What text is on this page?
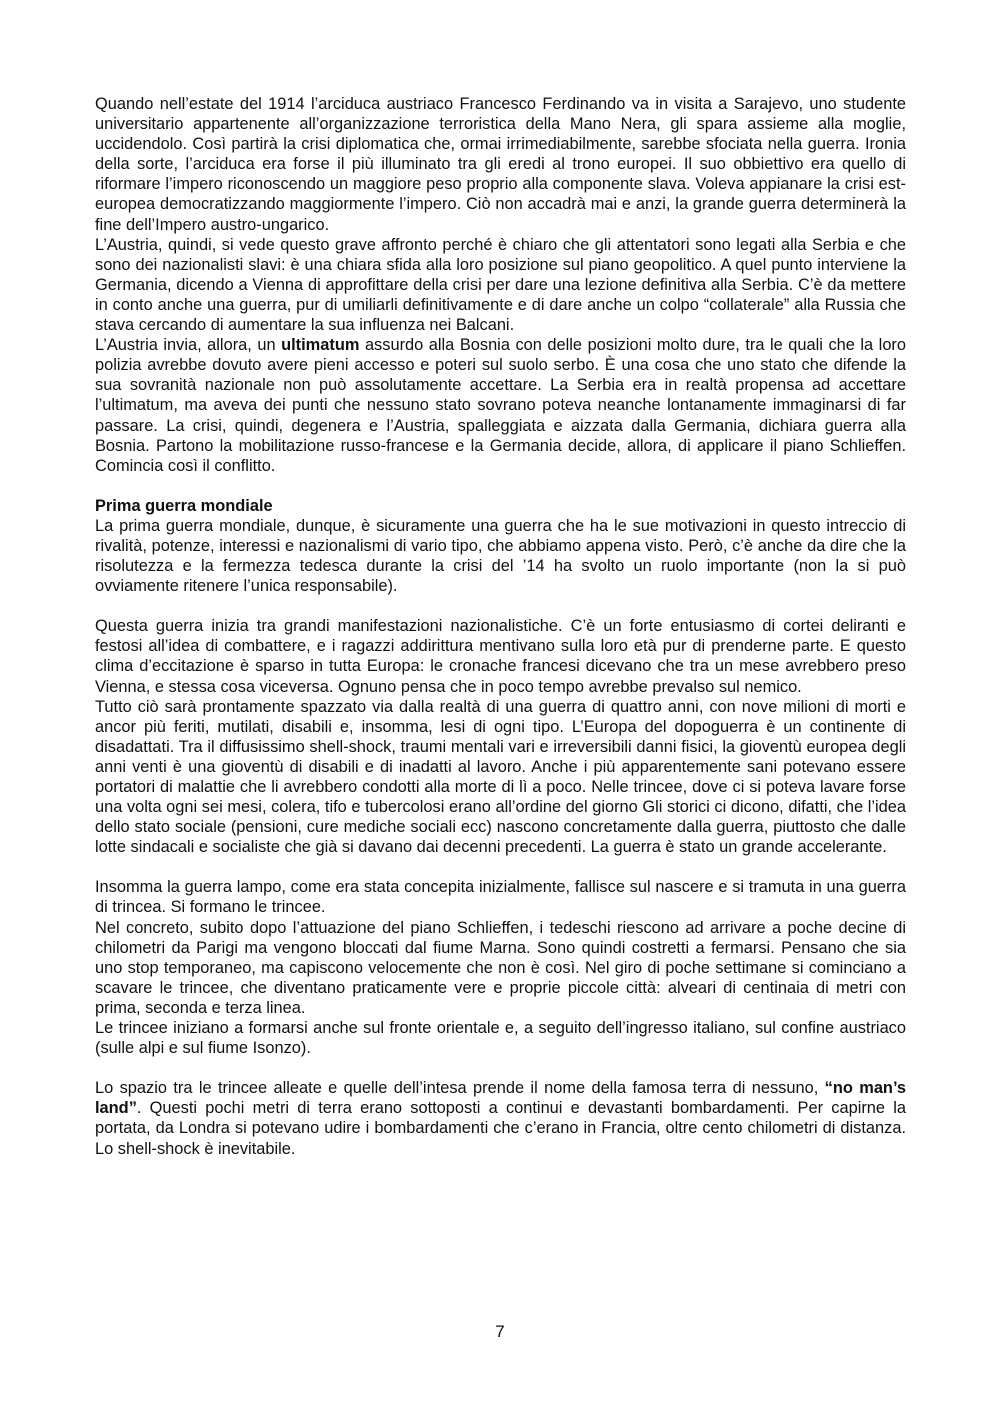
Quando nell’estate del 1914 l’arciduca austriaco Francesco Ferdinando va in visita a Sarajevo, uno studente universitario appartenente all’organizzazione terroristica della Mano Nera, gli spara assieme alla moglie, uccidendolo. Così partirà la crisi diplomatica che, ormai irrimediabilmente, sarebbe sfociata nella guerra. Ironia della sorte, l’arciduca era forse il più illuminato tra gli eredi al trono europei. Il suo obbiettivo era quello di riformare l’impero riconoscendo un maggiore peso proprio alla componente slava. Voleva appianare la crisi est-europea democratizzando maggiormente l’impero. Ciò non accadrà mai e anzi, la grande guerra determinerà la fine dell’Impero austro-ungarico.

L’Austria, quindi, si vede questo grave affronto perché è chiaro che gli attentatori sono legati alla Serbia e che sono dei nazionalisti slavi: è una chiara sfida alla loro posizione sul piano geopolitico. A quel punto interviene la Germania, dicendo a Vienna di approfittare della crisi per dare una lezione definitiva alla Serbia. C’è da mettere in conto anche una guerra, pur di umiliarli definitivamente e di dare anche un colpo “collaterale” alla Russia che stava cercando di aumentare la sua influenza nei Balcani.

L’Austria invia, allora, un ultimatum assurdo alla Bosnia con delle posizioni molto dure, tra le quali che la loro polizia avrebbe dovuto avere pieni accesso e poteri sul suolo serbo. È una cosa che uno stato che difende la sua sovranità nazionale non può assolutamente accettare. La Serbia era in realtà propensa ad accettare l’ultimatum, ma aveva dei punti che nessuno stato sovrano poteva neanche lontanamente immaginarsi di far passare. La crisi, quindi, degenera e l’Austria, spalleggiata e aizzata dalla Germania, dichiara guerra alla Bosnia. Partono la mobilitazione russo-francese e la Germania decide, allora, di applicare il piano Schlieffen. Comincia così il conflitto.

Prima guerra mondiale

La prima guerra mondiale, dunque, è sicuramente una guerra che ha le sue motivazioni in questo intreccio di rivalità, potenze, interessi e nazionalismi di vario tipo, che abbiamo appena visto. Però, c’è anche da dire che la risolutezza e la fermezza tedesca durante la crisi del ’14 ha svolto un ruolo importante (non la si può ovviamente ritenere l’unica responsabile).

Questa guerra inizia tra grandi manifestazioni nazionalistiche. C’è un forte entusiasmo di cortei deliranti e festosi all’idea di combattere, e i ragazzi addirittura mentivano sulla loro età pur di prenderne parte. E questo clima d’eccitazione è sparso in tutta Europa: le cronache francesi dicevano che tra un mese avrebbero preso Vienna, e stessa cosa viceversa. Ognuno pensa che in poco tempo avrebbe prevalso sul nemico.

Tutto ciò sarà prontamente spazzato via dalla realtà di una guerra di quattro anni, con nove milioni di morti e ancor più feriti, mutilati, disabili e, insomma, lesi di ogni tipo. L’Europa del dopoguerra è un continente di disadattati. Tra il diffusissimo shell-shock, traumi mentali vari e irreversibili danni fisici, la gioventù europea degli anni venti è una gioventù di disabili e di inadatti al lavoro. Anche i più apparentemente sani potevano essere portatori di malattie che li avrebbero condotti alla morte di lì a poco. Nelle trincee, dove ci si poteva lavare forse una volta ogni sei mesi, colera, tifo e tubercolosi erano all’ordine del giorno Gli storici ci dicono, difatti, che l’idea dello stato sociale (pensioni, cure mediche sociali ecc) nascono concretamente dalla guerra, piuttosto che dalle lotte sindacali e socialiste che già si davano dai decenni precedenti. La guerra è stato un grande accelerante.

Insomma la guerra lampo, come era stata concepita inizialmente, fallisce sul nascere e si tramuta in una guerra di trincea. Si formano le trincee.

Nel concreto, subito dopo l’attuazione del piano Schlieffen, i tedeschi riescono ad arrivare a poche decine di chilometri da Parigi ma vengono bloccati dal fiume Marna. Sono quindi costretti a fermarsi. Pensano che sia uno stop temporaneo, ma capiscono velocemente che non è così. Nel giro di poche settimane si cominciano a scavare le trincee, che diventano praticamente vere e proprie piccole città: alveari di centinaia di metri con prima, seconda e terza linea.

Le trincee iniziano a formarsi anche sul fronte orientale e, a seguito dell’ingresso italiano, sul confine austriaco (sulle alpi e sul fiume Isonzo).

Lo spazio tra le trincee alleate e quelle dell’intesa prende il nome della famosa terra di nessuno, “no man’s land”. Questi pochi metri di terra erano sottoposti a continui e devastanti bombardamenti. Per capirne la portata, da Londra si potevano udire i bombardamenti che c’erano in Francia, oltre cento chilometri di distanza. Lo shell-shock è inevitabile.

7
